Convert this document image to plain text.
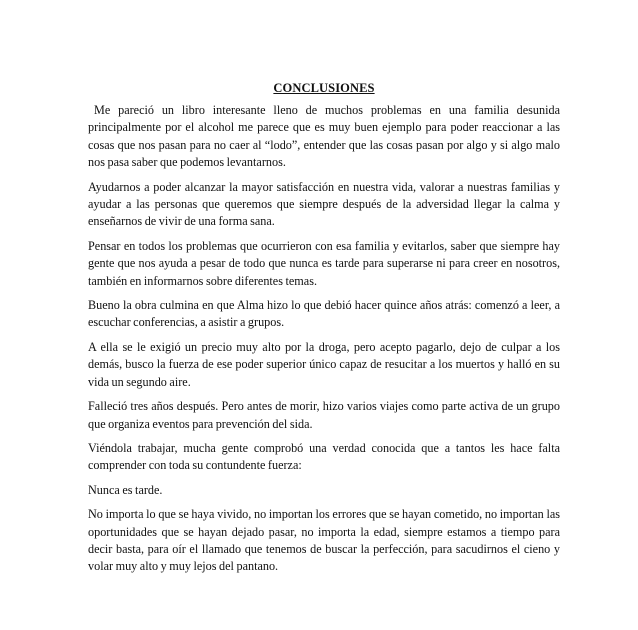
CONCLUSIONES

Me pareció un libro interesante lleno de muchos problemas en una familia desunida principalmente por el alcohol me parece que es muy buen ejemplo para poder reaccionar a las cosas que nos pasan para no caer al “lodo”, entender que las cosas pasan por algo y si algo malo nos pasa saber que podemos levantarnos.

Ayudarnos a poder alcanzar la mayor satisfacción en nuestra vida, valorar a nuestras familias y ayudar a las personas que queremos que siempre después de la adversidad llegar la calma y enseñarnos de vivir de una forma sana.

Pensar en todos los problemas que ocurrieron con esa familia y evitarlos, saber que siempre hay gente que nos ayuda a pesar de todo que nunca es tarde para superarse ni para creer en nosotros, también en informarnos sobre diferentes temas.

Bueno la obra culmina en que Alma hizo lo que debió hacer quince años atrás: comenzó a leer, a escuchar conferencias, a asistir a grupos.

A ella se le exigió un precio muy alto por la droga, pero acepto pagarlo, dejo de culpar a los demás, busco la fuerza de ese poder superior único capaz de resucitar a los muertos y halló en su vida un segundo aire.

Falleció tres años después. Pero antes de morir, hizo varios viajes como parte activa de un grupo que organiza eventos para prevención del sida.

Viéndola trabajar, mucha gente comprobó una verdad conocida que a tantos les hace falta comprender con toda su contundente fuerza:

Nunca es tarde.

No importa lo que se haya vivido, no importan los errores que se hayan cometido, no importan las oportunidades que se hayan dejado pasar, no importa la edad, siempre estamos a tiempo para decir basta, para oír el llamado que tenemos de buscar la perfección, para sacudirnos el cieno y volar muy alto y muy lejos del pantano.
